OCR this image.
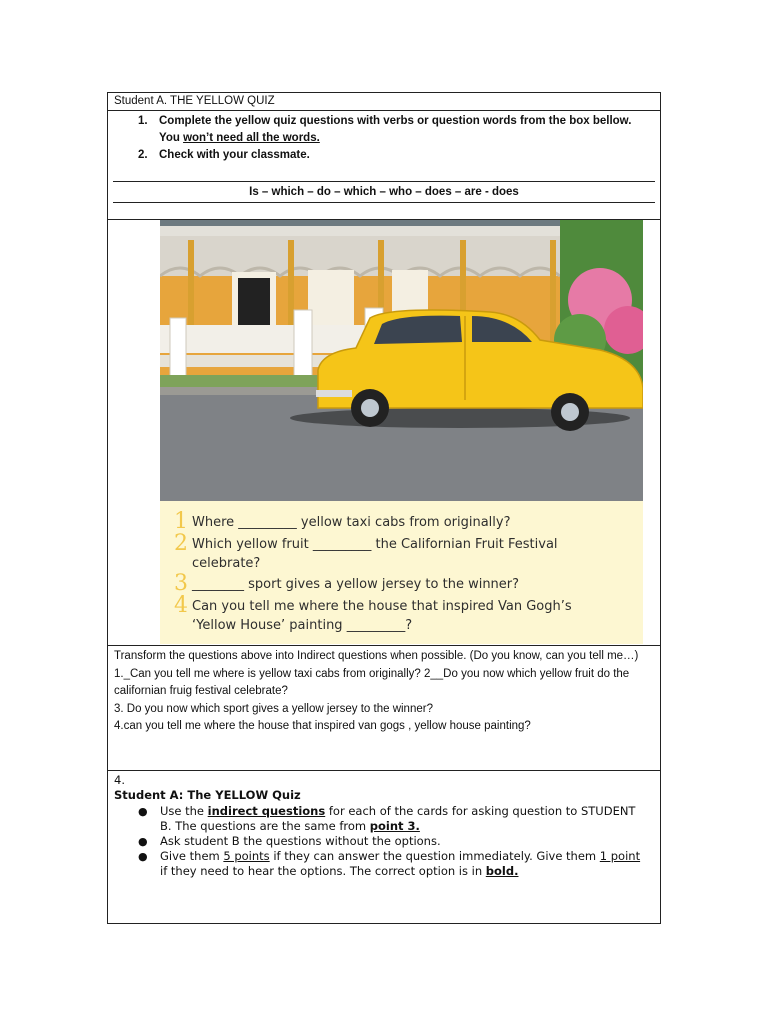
Student A. THE YELLOW QUIZ
1. Complete the yellow quiz questions with verbs or question words from the box bellow. You won’t need all the words.
2. Check with your classmate.
Is – which – do – which – who – does – are - does
1 Where _________ yellow taxi cabs from originally?
2 Which yellow fruit _________ the Californian Fruit Festival
celebrate?
3 ________ sport gives a yellow jersey to the winner?
4 Can you tell me where the house that inspired Van Gogh’s
‘Yellow House’ painting _________?

Transform the questions above into Indirect questions when possible. (Do you know, can you tell me…)

1._Can you tell me where is yellow taxi cabs from originally? 2__Do you now which yellow fruit do the californian fruig festival celebrate?

3. Do you now which sport gives a yellow jersey to the winner?

4.can you tell me where the house that inspired van gogs , yellow house painting?

4.
Student A: The YELLOW Quiz
● Use the indirect questions for each of the cards for asking question to STUDENT B. The questions are the same from point 3.
● Ask student B the questions without the options.
● Give them 5 points if they can answer the question immediately. Give them 1 point if they need to hear the options. The correct option is in bold.
